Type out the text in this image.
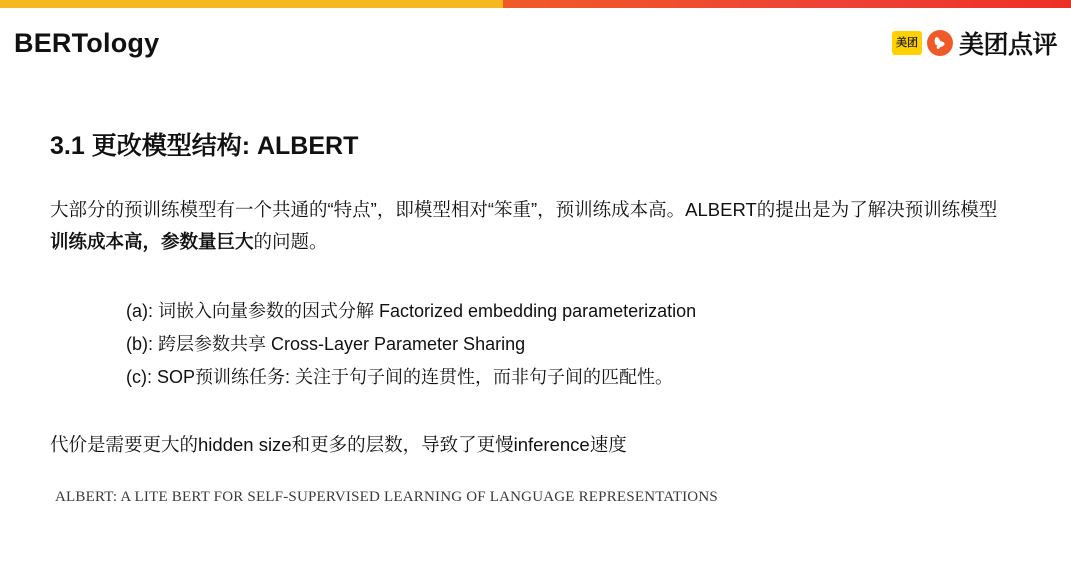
BERTology	美团 美团点评
3.1 更改模型结构: ALBERT
大部分的预训练模型有一个共通的“特点”，即模型相对“笨重”，预训练成本高。ALBERT的提出是为了解决预训练模型训练成本高，参数量巨大的问题。
(a): 词嵌入向量参数的因式分解 Factorized embedding parameterization
(b): 跨层参数共享 Cross-Layer Parameter Sharing
(c): SOP预训练任务: 关注于句子间的连贯性，而非句子间的匹配性。
代价是需要更大的hidden size和更多的层数，导致了更慢inference速度
ALBERT: A LITE BERT FOR SELF-SUPERVISED LEARNING OF LANGUAGE REPRESENTATIONS
